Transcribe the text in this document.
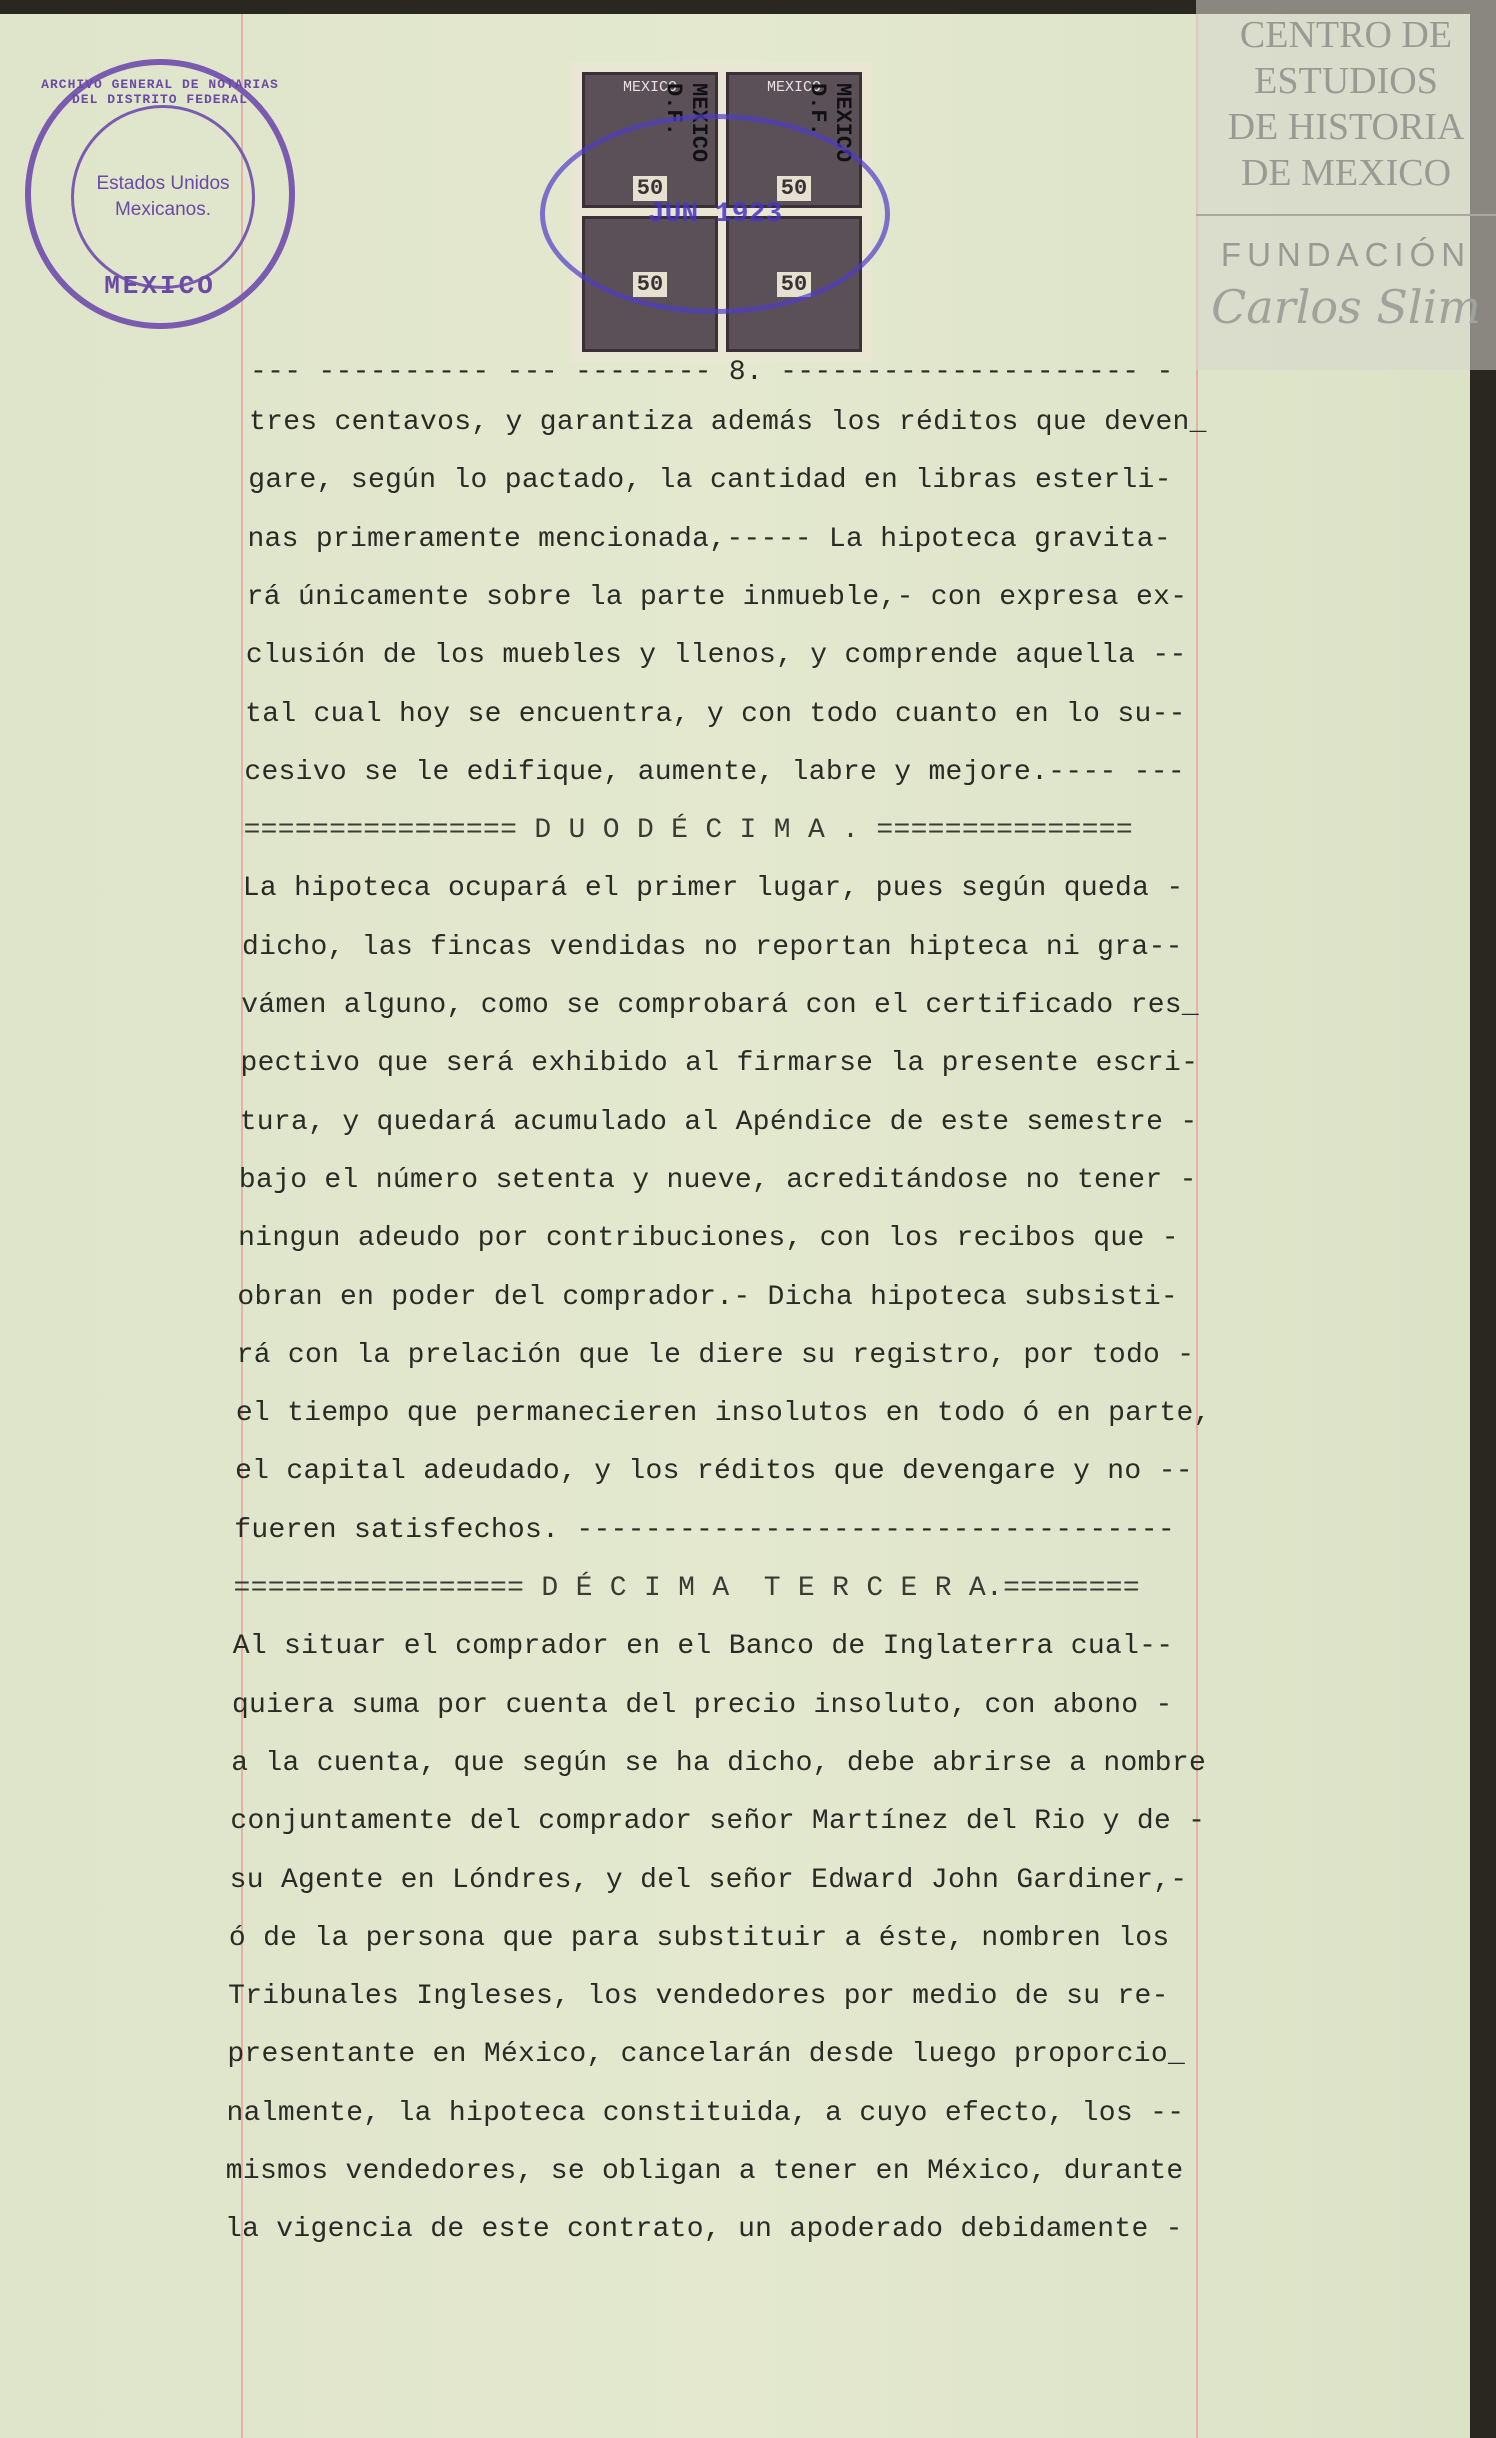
ARCHIVO GENERAL DE NOTARIAS DEL DISTRITO FEDERAL
Estados Unidos
Mexicanos.
MEXICO
MEXICO MEXICO D.F.
50
MEXICO MEXICO D.F.
50
50	50
JUN 1923
--- ---------- --- -------- 8. --------------------- -
tres centavos, y garantiza además los réditos que deven_
gare, según lo pactado, la cantidad en libras esterli-
nas primeramente mencionada,----- La hipoteca gravita-
rá únicamente sobre la parte inmueble,- con expresa ex-
clusión de los muebles y llenos, y comprende aquella --
tal cual hoy se encuentra, y con todo cuanto en lo su--
cesivo se le edifique, aumente, labre y mejore.---- ---
================ D U O D É C I M A . ===============
La hipoteca ocupará el primer lugar, pues según queda -
dicho, las fincas vendidas no reportan hipteca ni gra--
vámen alguno, como se comprobará con el certificado res_
pectivo que será exhibido al firmarse la presente escri-
tura, y quedará acumulado al Apéndice de este semestre -
bajo el número setenta y nueve, acreditándose no tener -
ningun adeudo por contribuciones, con los recibos que -
obran en poder del comprador.- Dicha hipoteca subsisti-
rá con la prelación que le diere su registro, por todo -
el tiempo que permanecieren insolutos en todo ó en parte,
el capital adeudado, y los réditos que devengare y no --
fueren satisfechos. -----------------------------------
================= D É C I M A  T E R C E R A.========
Al situar el comprador en el Banco de Inglaterra cual--
quiera suma por cuenta del precio insoluto, con abono -
a la cuenta, que según se ha dicho, debe abrirse a nombre
conjuntamente del comprador señor Martínez del Rio y de -
su Agente en Lóndres, y del señor Edward John Gardiner,-
ó de la persona que para substituir a éste, nombren los
Tribunales Ingleses, los vendedores por medio de su re-
presentante en México, cancelarán desde luego proporcio_
nalmente, la hipoteca constituida, a cuyo efecto, los --
mismos vendedores, se obligan a tener en México, durante
la vigencia de este contrato, un apoderado debidamente -
CENTRO DE
ESTUDIOS
DE HISTORIA
DE MEXICO
FUNDACIÓN
Carlos Slim
